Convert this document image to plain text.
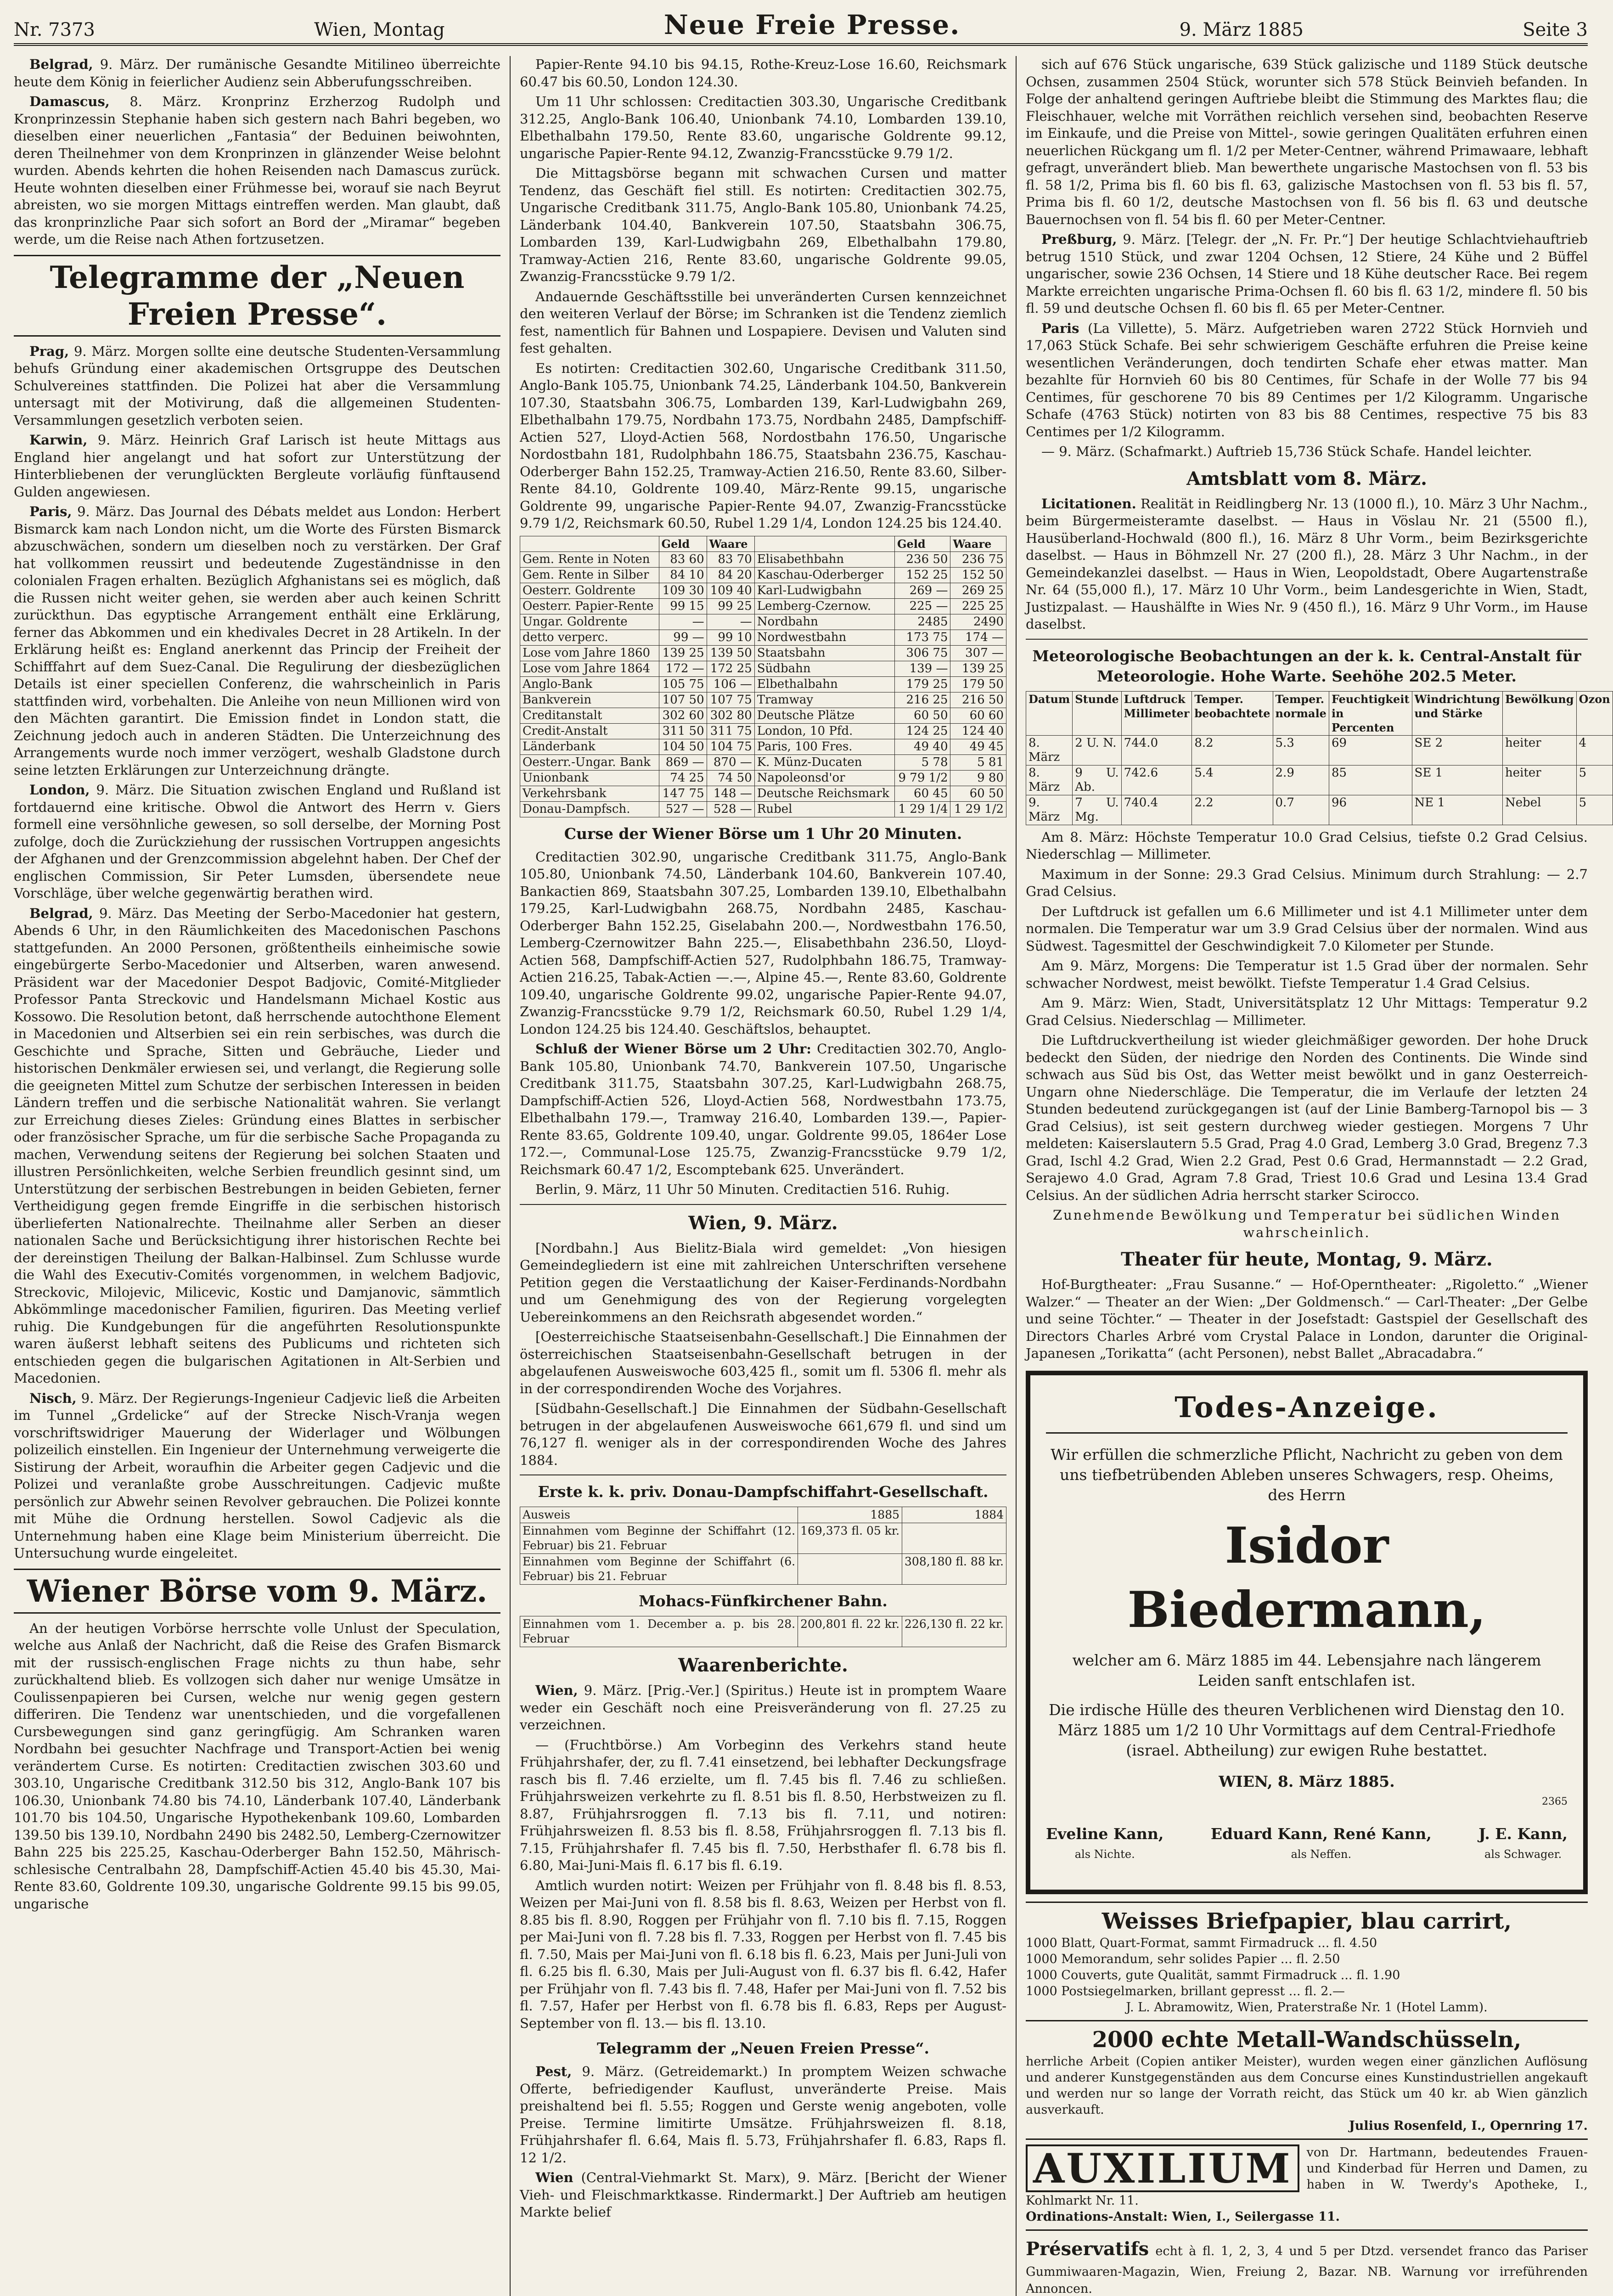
Nr. 7373	Wien, Montag	Neue Freie Presse.	9. März 1885	Seite 3

Belgrad, 9. März. Der rumänische Gesandte Mitilineo überreichte heute dem König in feierlicher Audienz sein Abberufungsschreiben.

Damascus, 8. März. Kronprinz Erzherzog Rudolph und Kronprinzessin Stephanie haben sich gestern nach Bahri begeben, wo dieselben einer neuerlichen „Fantasia“ der Beduinen beiwohnten, deren Theilnehmer von dem Kronprinzen in glänzender Weise belohnt wurden. Abends kehrten die hohen Reisenden nach Damascus zurück. Heute wohnten dieselben einer Frühmesse bei, worauf sie nach Beyrut abreisten, wo sie morgen Mittags eintreffen werden. Man glaubt, daß das kronprinzliche Paar sich sofort an Bord der „Miramar“ begeben werde, um die Reise nach Athen fortzusetzen.

Telegramme der „Neuen Freien Presse“.

Prag, 9. März. Morgen sollte eine deutsche Studenten-Versammlung behufs Gründung einer akademischen Ortsgruppe des Deutschen Schulvereines stattfinden. Die Polizei hat aber die Versammlung untersagt mit der Motivirung, daß die allgemeinen Studenten-Versammlungen gesetzlich verboten seien.

Karwin, 9. März. Heinrich Graf Larisch ist heute Mittags aus England hier angelangt und hat sofort zur Unterstützung der Hinterbliebenen der verunglückten Bergleute vorläufig fünftausend Gulden angewiesen.

Paris, 9. März. Das Journal des Débats meldet aus London: Herbert Bismarck kam nach London nicht, um die Worte des Fürsten Bismarck abzuschwächen, sondern um dieselben noch zu verstärken. Der Graf hat vollkommen reussirt und bedeutende Zugeständnisse in den colonialen Fragen erhalten. Bezüglich Afghanistans sei es möglich, daß die Russen nicht weiter gehen, sie werden aber auch keinen Schritt zurückthun. Das egyptische Arrangement enthält eine Erklärung, ferner das Abkommen und ein khedivales Decret in 28 Artikeln. In der Erklärung heißt es: England anerkennt das Princip der Freiheit der Schifffahrt auf dem Suez-Canal. Die Regulirung der diesbezüglichen Details ist einer speciellen Conferenz, die wahrscheinlich in Paris stattfinden wird, vorbehalten. Die Anleihe von neun Millionen wird von den Mächten garantirt. Die Emission findet in London statt, die Zeichnung jedoch auch in anderen Städten. Die Unterzeichnung des Arrangements wurde noch immer verzögert, weshalb Gladstone durch seine letzten Erklärungen zur Unterzeichnung drängte.

London, 9. März. Die Situation zwischen England und Rußland ist fortdauernd eine kritische. Obwol die Antwort des Herrn v. Giers formell eine versöhnliche gewesen, so soll derselbe, der Morning Post zufolge, doch die Zurückziehung der russischen Vortruppen angesichts der Afghanen und der Grenzcommission abgelehnt haben. Der Chef der englischen Commission, Sir Peter Lumsden, übersendete neue Vorschläge, über welche gegenwärtig berathen wird.

Belgrad, 9. März. Das Meeting der Serbo-Macedonier hat gestern, Abends 6 Uhr, in den Räumlichkeiten des Macedonischen Paschons stattgefunden. An 2000 Personen, größtentheils einheimische sowie eingebürgerte Serbo-Macedonier und Altserben, waren anwesend. Präsident war der Macedonier Despot Badjovic, Comité-Mitglieder Professor Panta Streckovic und Handelsmann Michael Kostic aus Kossowo. Die Resolution betont, daß herrschende autochthone Element in Macedonien und Altserbien sei ein rein serbisches, was durch die Geschichte und Sprache, Sitten und Gebräuche, Lieder und historischen Denkmäler erwiesen sei, und verlangt, die Regierung solle die geeigneten Mittel zum Schutze der serbischen Interessen in beiden Ländern treffen und die serbische Nationalität wahren. Sie verlangt zur Erreichung dieses Zieles: Gründung eines Blattes in serbischer oder französischer Sprache, um für die serbische Sache Propaganda zu machen, Verwendung seitens der Regierung bei solchen Staaten und illustren Persönlichkeiten, welche Serbien freundlich gesinnt sind, um Unterstützung der serbischen Bestrebungen in beiden Gebieten, ferner Vertheidigung gegen fremde Eingriffe in die serbischen historisch überlieferten Nationalrechte. Theilnahme aller Serben an dieser nationalen Sache und Berücksichtigung ihrer historischen Rechte bei der dereinstigen Theilung der Balkan-Halbinsel. Zum Schlusse wurde die Wahl des Executiv-Comités vorgenommen, in welchem Badjovic, Streckovic, Milojevic, Milicevic, Kostic und Damjanovic, sämmtlich Abkömmlinge macedonischer Familien, figuriren. Das Meeting verlief ruhig. Die Kundgebungen für die angeführten Resolutionspunkte waren äußerst lebhaft seitens des Publicums und richteten sich entschieden gegen die bulgarischen Agitationen in Alt-Serbien und Macedonien.

Nisch, 9. März. Der Regierungs-Ingenieur Cadjevic ließ die Arbeiten im Tunnel „Grdelicke“ auf der Strecke Nisch-Vranja wegen vorschriftswidriger Mauerung der Widerlager und Wölbungen polizeilich einstellen. Ein Ingenieur der Unternehmung verweigerte die Sistirung der Arbeit, woraufhin die Arbeiter gegen Cadjevic und die Polizei und veranlaßte grobe Ausschreitungen. Cadjevic mußte persönlich zur Abwehr seinen Revolver gebrauchen. Die Polizei konnte mit Mühe die Ordnung herstellen. Sowol Cadjevic als die Unternehmung haben eine Klage beim Ministerium überreicht. Die Untersuchung wurde eingeleitet.

Wiener Börse vom 9. März.

An der heutigen Vorbörse herrschte volle Unlust der Speculation, welche aus Anlaß der Nachricht, daß die Reise des Grafen Bismarck mit der russisch-englischen Frage nichts zu thun habe, sehr zurückhaltend blieb. Es vollzogen sich daher nur wenige Umsätze in Coulissenpapieren bei Cursen, welche nur wenig gegen gestern differiren. Die Tendenz war unentschieden, und die vorgefallenen Cursbewegungen sind ganz geringfügig. Am Schranken waren Nordbahn bei gesuchter Nachfrage und Transport-Actien bei wenig verändertem Curse. Es notirten: Creditactien zwischen 303.60 und 303.10, Ungarische Creditbank 312.50 bis 312, Anglo-Bank 107 bis 106.30, Unionbank 74.80 bis 74.10, Länderbank 107.40, Länderbank 101.70 bis 104.50, Ungarische Hypothekenbank 109.60, Lombarden 139.50 bis 139.10, Nordbahn 2490 bis 2482.50, Lemberg-Czernowitzer Bahn 225 bis 225.25, Kaschau-Oderberger Bahn 152.50, Mährisch-schlesische Centralbahn 28, Dampfschiff-Actien 45.40 bis 45.30, Mai-Rente 83.60, Goldrente 109.30, ungarische Goldrente 99.15 bis 99.05, ungarische

Papier-Rente 94.10 bis 94.15, Rothe-Kreuz-Lose 16.60, Reichsmark 60.47 bis 60.50, London 124.30.

Um 11 Uhr schlossen: Creditactien 303.30, Ungarische Creditbank 312.25, Anglo-Bank 106.40, Unionbank 74.10, Lombarden 139.10, Elbethalbahn 179.50, Rente 83.60, ungarische Goldrente 99.12, ungarische Papier-Rente 94.12, Zwanzig-Francsstücke 9.79 1/2.

Die Mittagsbörse begann mit schwachen Cursen und matter Tendenz, das Geschäft fiel still. Es notirten: Creditactien 302.75, Ungarische Creditbank 311.75, Anglo-Bank 105.80, Unionbank 74.25, Länderbank 104.40, Bankverein 107.50, Staatsbahn 306.75, Lombarden 139, Karl-Ludwigbahn 269, Elbethalbahn 179.80, Tramway-Actien 216, Rente 83.60, ungarische Goldrente 99.05, Zwanzig-Francsstücke 9.79 1/2.

Andauernde Geschäftsstille bei unveränderten Cursen kennzeichnet den weiteren Verlauf der Börse; im Schranken ist die Tendenz ziemlich fest, namentlich für Bahnen und Lospapiere. Devisen und Valuten sind fest gehalten.

Es notirten: Creditactien 302.60, Ungarische Creditbank 311.50, Anglo-Bank 105.75, Unionbank 74.25, Länderbank 104.50, Bankverein 107.30, Staatsbahn 306.75, Lombarden 139, Karl-Ludwigbahn 269, Elbethalbahn 179.75, Nordbahn 173.75, Nordbahn 2485, Dampfschiff-Actien 527, Lloyd-Actien 568, Nordostbahn 176.50, Ungarische Nordostbahn 181, Rudolphbahn 186.75, Staatsbahn 236.75, Kaschau-Oderberger Bahn 152.25, Tramway-Actien 216.50, Rente 83.60, Silber-Rente 84.10, Goldrente 109.40, März-Rente 99.15, ungarische Goldrente 99, ungarische Papier-Rente 94.07, Zwanzig-Francsstücke 9.79 1/2, Reichsmark 60.50, Rubel 1.29 1/4, London 124.25 bis 124.40.

	Geld	Waare		Geld	Waare
Gem. Rente in Noten	83 60	83 70	Elisabethbahn	236 50	236 75
Gem. Rente in Silber	84 10	84 20	Kaschau-Oderberger	152 25	152 50
Oesterr. Goldrente	109 30	109 40	Karl-Ludwigbahn	269 —	269 25
Oesterr. Papier-Rente	99 15	99 25	Lemberg-Czernow.	225 —	225 25
Ungar. Goldrente	—	—	Nordbahn	2485	2490
detto verperc.	99 —	99 10	Nordwestbahn	173 75	174 —
Lose vom Jahre 1860	139 25	139 50	Staatsbahn	306 75	307 —
Lose vom Jahre 1864	172 —	172 25	Südbahn	139 —	139 25
Anglo-Bank	105 75	106 —	Elbethalbahn	179 25	179 50
Bankverein	107 50	107 75	Tramway	216 25	216 50
Creditanstalt	302 60	302 80	Deutsche Plätze	60 50	60 60
Credit-Anstalt	311 50	311 75	London, 10 Pfd.	124 25	124 40
Länderbank	104 50	104 75	Paris, 100 Fres.	49 40	49 45
Oesterr.-Ungar. Bank	869 —	870 —	K. Münz-Ducaten	5 78	5 81
Unionbank	74 25	74 50	Napoleonsd'or	9 79 1/2	9 80
Verkehrsbank	147 75	148 —	Deutsche Reichsmark	60 45	60 50
Donau-Dampfsch.	527 —	528 —	Rubel	1 29 1/4	1 29 1/2
Curse der Wiener Börse um 1 Uhr 20 Minuten.

Creditactien 302.90, ungarische Creditbank 311.75, Anglo-Bank 105.80, Unionbank 74.50, Länderbank 104.60, Bankverein 107.40, Bankactien 869, Staatsbahn 307.25, Lombarden 139.10, Elbethalbahn 179.25, Karl-Ludwigbahn 268.75, Nordbahn 2485, Kaschau-Oderberger Bahn 152.25, Giselabahn 200.—, Nordwestbahn 176.50, Lemberg-Czernowitzer Bahn 225.—, Elisabethbahn 236.50, Lloyd-Actien 568, Dampfschiff-Actien 527, Rudolphbahn 186.75, Tramway-Actien 216.25, Tabak-Actien —.—, Alpine 45.—, Rente 83.60, Goldrente 109.40, ungarische Goldrente 99.02, ungarische Papier-Rente 94.07, Zwanzig-Francsstücke 9.79 1/2, Reichsmark 60.50, Rubel 1.29 1/4, London 124.25 bis 124.40. Geschäftslos, behauptet.

Schluß der Wiener Börse um 2 Uhr: Creditactien 302.70, Anglo-Bank 105.80, Unionbank 74.70, Bankverein 107.50, Ungarische Creditbank 311.75, Staatsbahn 307.25, Karl-Ludwigbahn 268.75, Dampfschiff-Actien 526, Lloyd-Actien 568, Nordwestbahn 173.75, Elbethalbahn 179.—, Tramway 216.40, Lombarden 139.—, Papier-Rente 83.65, Goldrente 109.40, ungar. Goldrente 99.05, 1864er Lose 172.—, Communal-Lose 125.75, Zwanzig-Francsstücke 9.79 1/2, Reichsmark 60.47 1/2, Escomptebank 625. Unverändert.

Berlin, 9. März, 11 Uhr 50 Minuten. Creditactien 516. Ruhig.

Wien, 9. März.

[Nordbahn.] Aus Bielitz-Biala wird gemeldet: „Von hiesigen Gemeindegliedern ist eine mit zahlreichen Unterschriften versehene Petition gegen die Verstaatlichung der Kaiser-Ferdinands-Nordbahn und um Genehmigung des von der Regierung vorgelegten Uebereinkommens an den Reichsrath abgesendet worden.“

[Oesterreichische Staatseisenbahn-Gesellschaft.] Die Einnahmen der österreichischen Staatseisenbahn-Gesellschaft betrugen in der abgelaufenen Ausweiswoche 603,425 fl., somit um fl. 5306 fl. mehr als in der correspondirenden Woche des Vorjahres.

[Südbahn-Gesellschaft.] Die Einnahmen der Südbahn-Gesellschaft betrugen in der abgelaufenen Ausweiswoche 661,679 fl. und sind um 76,127 fl. weniger als in der correspondirenden Woche des Jahres 1884.

Erste k. k. priv. Donau-Dampfschiffahrt-Gesellschaft.
Ausweis	1885	1884
Einnahmen vom Beginne der Schiffahrt (12. Februar) bis 21. Februar	169,373 fl. 05 kr.	
Einnahmen vom Beginne der Schiffahrt (6. Februar) bis 21. Februar		308,180 fl. 88 kr.
Mohacs-Fünfkirchener Bahn.
Einnahmen vom 1. December a. p. bis 28. Februar	200,801 fl. 22 kr.	226,130 fl. 22 kr.
Waarenberichte.

Wien, 9. März. [Prig.-Ver.] (Spiritus.) Heute ist in promptem Waare weder ein Geschäft noch eine Preisveränderung von fl. 27.25 zu verzeichnen.

— (Fruchtbörse.) Am Vorbeginn des Verkehrs stand heute Frühjahrshafer, der, zu fl. 7.41 einsetzend, bei lebhafter Deckungsfrage rasch bis fl. 7.46 erzielte, um fl. 7.45 bis fl. 7.46 zu schließen. Frühjahrsweizen verkehrte zu fl. 8.51 bis fl. 8.50, Herbstweizen zu fl. 8.87, Frühjahrsroggen fl. 7.13 bis fl. 7.11, und notiren: Frühjahrsweizen fl. 8.53 bis fl. 8.58, Frühjahrsroggen fl. 7.13 bis fl. 7.15, Frühjahrshafer fl. 7.45 bis fl. 7.50, Herbsthafer fl. 6.78 bis fl. 6.80, Mai-Juni-Mais fl. 6.17 bis fl. 6.19.

Amtlich wurden notirt: Weizen per Frühjahr von fl. 8.48 bis fl. 8.53, Weizen per Mai-Juni von fl. 8.58 bis fl. 8.63, Weizen per Herbst von fl. 8.85 bis fl. 8.90, Roggen per Frühjahr von fl. 7.10 bis fl. 7.15, Roggen per Mai-Juni von fl. 7.28 bis fl. 7.33, Roggen per Herbst von fl. 7.45 bis fl. 7.50, Mais per Mai-Juni von fl. 6.18 bis fl. 6.23, Mais per Juni-Juli von fl. 6.25 bis fl. 6.30, Mais per Juli-August von fl. 6.37 bis fl. 6.42, Hafer per Frühjahr von fl. 7.43 bis fl. 7.48, Hafer per Mai-Juni von fl. 7.52 bis fl. 7.57, Hafer per Herbst von fl. 6.78 bis fl. 6.83, Reps per August-September von fl. 13.— bis fl. 13.10.

Telegramm der „Neuen Freien Presse“.

Pest, 9. März. (Getreidemarkt.) In promptem Weizen schwache Offerte, befriedigender Kauflust, unveränderte Preise. Mais preishaltend bei fl. 5.55; Roggen und Gerste wenig angeboten, volle Preise. Termine limitirte Umsätze. Frühjahrsweizen fl. 8.18, Frühjahrshafer fl. 6.64, Mais fl. 5.73, Frühjahrshafer fl. 6.83, Raps fl. 12 1/2.

Wien (Central-Viehmarkt St. Marx), 9. März. [Bericht der Wiener Vieh- und Fleischmarktkasse. Rindermarkt.] Der Auftrieb am heutigen Markte belief

sich auf 676 Stück ungarische, 639 Stück galizische und 1189 Stück deutsche Ochsen, zusammen 2504 Stück, worunter sich 578 Stück Beinvieh befanden. In Folge der anhaltend geringen Auftriebe bleibt die Stimmung des Marktes flau; die Fleischhauer, welche mit Vorräthen reichlich versehen sind, beobachten Reserve im Einkaufe, und die Preise von Mittel-, sowie geringen Qualitäten erfuhren einen neuerlichen Rückgang um fl. 1/2 per Meter-Centner, während Primawaare, lebhaft gefragt, unverändert blieb. Man bewerthete ungarische Mastochsen von fl. 53 bis fl. 58 1/2, Prima bis fl. 60 bis fl. 63, galizische Mastochsen von fl. 53 bis fl. 57, Prima bis fl. 60 1/2, deutsche Mastochsen von fl. 56 bis fl. 63 und deutsche Bauernochsen von fl. 54 bis fl. 60 per Meter-Centner.

Preßburg, 9. März. [Telegr. der „N. Fr. Pr.“] Der heutige Schlachtviehauftrieb betrug 1510 Stück, und zwar 1204 Ochsen, 12 Stiere, 24 Kühe und 2 Büffel ungarischer, sowie 236 Ochsen, 14 Stiere und 18 Kühe deutscher Race. Bei regem Markte erreichten ungarische Prima-Ochsen fl. 60 bis fl. 63 1/2, mindere fl. 50 bis fl. 59 und deutsche Ochsen fl. 60 bis fl. 65 per Meter-Centner.

Paris (La Villette), 5. März. Aufgetrieben waren 2722 Stück Hornvieh und 17,063 Stück Schafe. Bei sehr schwierigem Geschäfte erfuhren die Preise keine wesentlichen Veränderungen, doch tendirten Schafe eher etwas matter. Man bezahlte für Hornvieh 60 bis 80 Centimes, für Schafe in der Wolle 77 bis 94 Centimes, für geschorene 70 bis 89 Centimes per 1/2 Kilogramm. Ungarische Schafe (4763 Stück) notirten von 83 bis 88 Centimes, respective 75 bis 83 Centimes per 1/2 Kilogramm.

— 9. März. (Schafmarkt.) Auftrieb 15,736 Stück Schafe. Handel leichter.

Amtsblatt vom 8. März.

Licitationen. Realität in Reidlingberg Nr. 13 (1000 fl.), 10. März 3 Uhr Nachm., beim Bürgermeisteramte daselbst. — Haus in Vöslau Nr. 21 (5500 fl.), Hausüberland-Hochwald (800 fl.), 16. März 8 Uhr Vorm., beim Bezirksgerichte daselbst. — Haus in Böhmzell Nr. 27 (200 fl.), 28. März 3 Uhr Nachm., in der Gemeindekanzlei daselbst. — Haus in Wien, Leopoldstadt, Obere Augartenstraße Nr. 64 (55,000 fl.), 17. März 10 Uhr Vorm., beim Landesgerichte in Wien, Stadt, Justizpalast. — Haushälfte in Wies Nr. 9 (450 fl.), 16. März 9 Uhr Vorm., im Hause daselbst.

Meteorologische Beobachtungen an der k. k. Central-Anstalt für Meteorologie. Hohe Warte. Seehöhe 202.5 Meter.
Datum	Stunde	Luftdruck Millimeter	Temper. beobachtete	Temper. normale	Feuchtigkeit in Percenten	Windrichtung und Stärke	Bewölkung	Ozon
8. März	2 U. N.	744.0	8.2	5.3	69	SE 2	heiter	4
8. März	9 U. Ab.	742.6	5.4	2.9	85	SE 1	heiter	5
9. März	7 U. Mg.	740.4	2.2	0.7	96	NE 1	Nebel	5

Am 8. März: Höchste Temperatur 10.0 Grad Celsius, tiefste 0.2 Grad Celsius. Niederschlag — Millimeter.

Maximum in der Sonne: 29.3 Grad Celsius. Minimum durch Strahlung: — 2.7 Grad Celsius.

Der Luftdruck ist gefallen um 6.6 Millimeter und ist 4.1 Millimeter unter dem normalen. Die Temperatur war um 3.9 Grad Celsius über der normalen. Wind aus Südwest. Tagesmittel der Geschwindigkeit 7.0 Kilometer per Stunde.

Am 9. März, Morgens: Die Temperatur ist 1.5 Grad über der normalen. Sehr schwacher Nordwest, meist bewölkt. Tiefste Temperatur 1.4 Grad Celsius.

Am 9. März: Wien, Stadt, Universitätsplatz 12 Uhr Mittags: Temperatur 9.2 Grad Celsius. Niederschlag — Millimeter.

Die Luftdruckvertheilung ist wieder gleichmäßiger geworden. Der hohe Druck bedeckt den Süden, der niedrige den Norden des Continents. Die Winde sind schwach aus Süd bis Ost, das Wetter meist bewölkt und in ganz Oesterreich-Ungarn ohne Niederschläge. Die Temperatur, die im Verlaufe der letzten 24 Stunden bedeutend zurückgegangen ist (auf der Linie Bamberg-Tarnopol bis — 3 Grad Celsius), ist seit gestern durchweg wieder gestiegen. Morgens 7 Uhr meldeten: Kaiserslautern 5.5 Grad, Prag 4.0 Grad, Lemberg 3.0 Grad, Bregenz 7.3 Grad, Ischl 4.2 Grad, Wien 2.2 Grad, Pest 0.6 Grad, Hermannstadt — 2.2 Grad, Serajewo 4.0 Grad, Agram 7.8 Grad, Triest 10.6 Grad und Lesina 13.4 Grad Celsius. An der südlichen Adria herrscht starker Scirocco.

Zunehmende Bewölkung und Temperatur bei südlichen Winden wahrscheinlich.

Theater für heute, Montag, 9. März.

Hof-Burgtheater: „Frau Susanne.“ — Hof-Operntheater: „Rigoletto.“ „Wiener Walzer.“ — Theater an der Wien: „Der Goldmensch.“ — Carl-Theater: „Der Gelbe und seine Töchter.“ — Theater in der Josefstadt: Gastspiel der Gesellschaft des Directors Charles Arbré vom Crystal Palace in London, darunter die Original-Japanesen „Torikatta“ (acht Personen), nebst Ballet „Abracadabra.“

Todes-Anzeige.
Wir erfüllen die schmerzliche Pflicht, Nachricht zu geben von dem uns tiefbetrübenden Ableben unseres Schwagers, resp. Oheims, des Herrn
Isidor Biedermann,
welcher am 6. März 1885 im 44. Lebensjahre nach längerem Leiden sanft entschlafen ist.
Die irdische Hülle des theuren Verblichenen wird Dienstag den 10. März 1885 um 1/2 10 Uhr Vormittags auf dem Central-Friedhofe (israel. Abtheilung) zur ewigen Ruhe bestattet.
WIEN, 8. März 1885.
2365
Eveline Kann,
als Nichte.
Eduard Kann, René Kann,
als Neffen.
J. E. Kann,
als Schwager.
Weisses Briefpapier, blau carrirt,
1000 Blatt, Quart-Format, sammt Firmadruck ... fl. 4.50
1000 Memorandum, sehr solides Papier ... fl. 2.50
1000 Couverts, gute Qualität, sammt Firmadruck ... fl. 1.90
1000 Postsiegelmarken, brillant gepresst ... fl. 2.—
J. L. Abramowitz, Wien, Praterstraße Nr. 1 (Hotel Lamm).
2000 echte Metall-Wandschüsseln,
herrliche Arbeit (Copien antiker Meister), wurden wegen einer gänzlichen Auflösung und anderer Kunstgegenständen aus dem Concurse eines Kunstindustriellen angekauft und werden nur so lange der Vorrath reicht, das Stück um 40 kr. ab Wien gänzlich ausverkauft.
Julius Rosenfeld, I., Opernring 17.
AUXILIUM	von Dr. Hartmann, bedeutendes Frauen- und Kinderbad für Herren und Damen, zu haben in W. Twerdy's Apotheke, I., Kohlmarkt Nr. 11.
Ordinations-Anstalt: Wien, I., Seilergasse 11.
Préservatifs echt à fl. 1, 2, 3, 4 und 5 per Dtzd. versendet franco das Pariser Gummiwaaren-Magazin, Wien, Freiung 2, Bazar. NB. Warnung vor irreführenden Annoncen.
